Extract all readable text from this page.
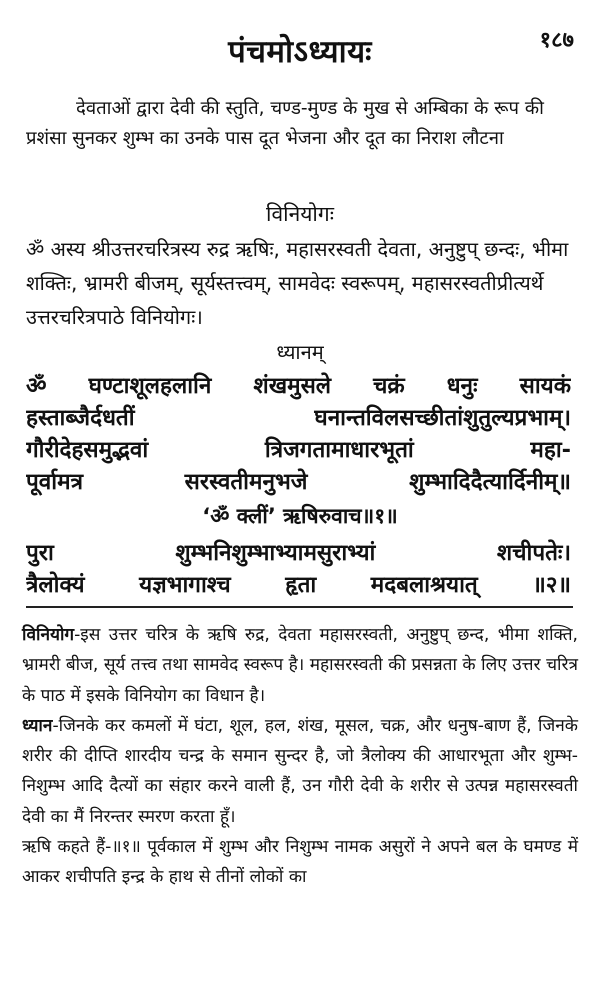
१८७
पंचमोऽध्यायः
देवताओं द्वारा देवी की स्तुति, चण्ड-मुण्ड के मुख से अम्बिका के रूप की प्रशंसा सुनकर शुम्भ का उनके पास दूत भेजना और दूत का निराश लौटना
विनियोगः
ॐ अस्य श्रीउत्तरचरित्रस्य रुद्र ऋषिः, महासरस्वती देवता, अनुष्टुप् छन्दः, भीमा शक्तिः, भ्रामरी बीजम्, सूर्यस्तत्त्वम्, सामवेदः स्वरूपम्, महासरस्वतीप्रीत्यर्थे उत्तरचरित्रपाठे विनियोगः।
ध्यानम्
ॐ घण्टाशूलहलानि शंखमुसले चक्रं धनुः सायकं
हस्ताब्जैर्दधतीं घनान्तविलसच्छीतांशुतुल्यप्रभाम्।
गौरीदेहसमुद्भवां त्रिजगतामाधारभूतां महा-
पूर्वामत्र सरस्वतीमनुभजे शुम्भादिदैत्यार्दिनीम्॥
‘ॐ क्लीं’ ऋषिरुवाच॥१॥
पुरा शुम्भनिशुम्भाभ्यामसुराभ्यां शचीपतेः।
त्रैलोक्यं यज्ञभागाश्च हृता मदबलाश्रयात् ॥२॥

विनियोग-इस उत्तर चरित्र के ऋषि रुद्र, देवता महासरस्वती, अनुष्टुप् छन्द, भीमा शक्ति, भ्रामरी बीज, सूर्य तत्त्व तथा सामवेद स्वरूप है। महासरस्वती की प्रसन्नता के लिए उत्तर चरित्र के पाठ में इसके विनियोग का विधान है।

ध्यान-जिनके कर कमलों में घंटा, शूल, हल, शंख, मूसल, चक्र, और धनुष-बाण हैं, जिनके शरीर की दीप्ति शारदीय चन्द्र के समान सुन्दर है, जो त्रैलोक्य की आधारभूता और शुम्भ-निशुम्भ आदि दैत्यों का संहार करने वाली हैं, उन गौरी देवी के शरीर से उत्पन्न महासरस्वती देवी का मैं निरन्तर स्मरण करता हूँ।

ऋषि कहते हैं-॥१॥ पूर्वकाल में शुम्भ और निशुम्भ नामक असुरों ने अपने बल के घमण्ड में आकर शचीपति इन्द्र के हाथ से तीनों लोकों का
